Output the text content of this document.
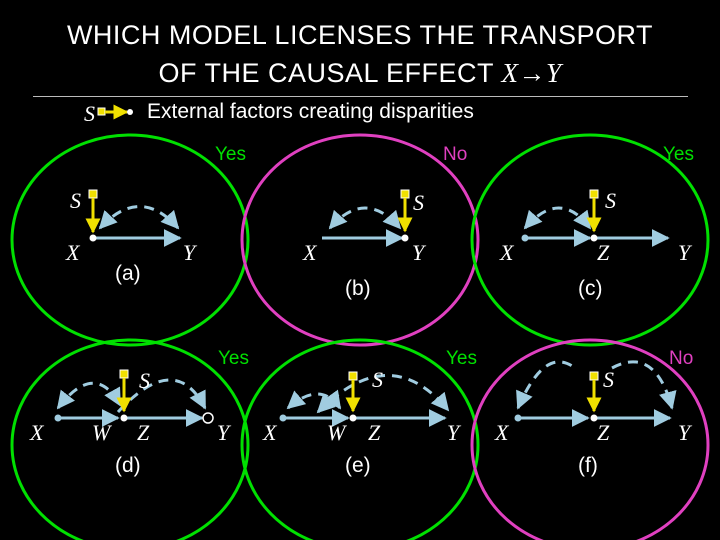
WHICH MODEL LICENSES THE TRANSPORT
OF THE CAUSAL EFFECT X→Y
External factors creating disparities
S
Yes	No	Yes
Yes	Yes	No
(a)
(b)	(c)
(d)	(e)	(f)
S
X	Y
S
X	Y
S
X	Z	Y
S
X W Z	Y
S
X W Z	Y
S
X	Z	Y
